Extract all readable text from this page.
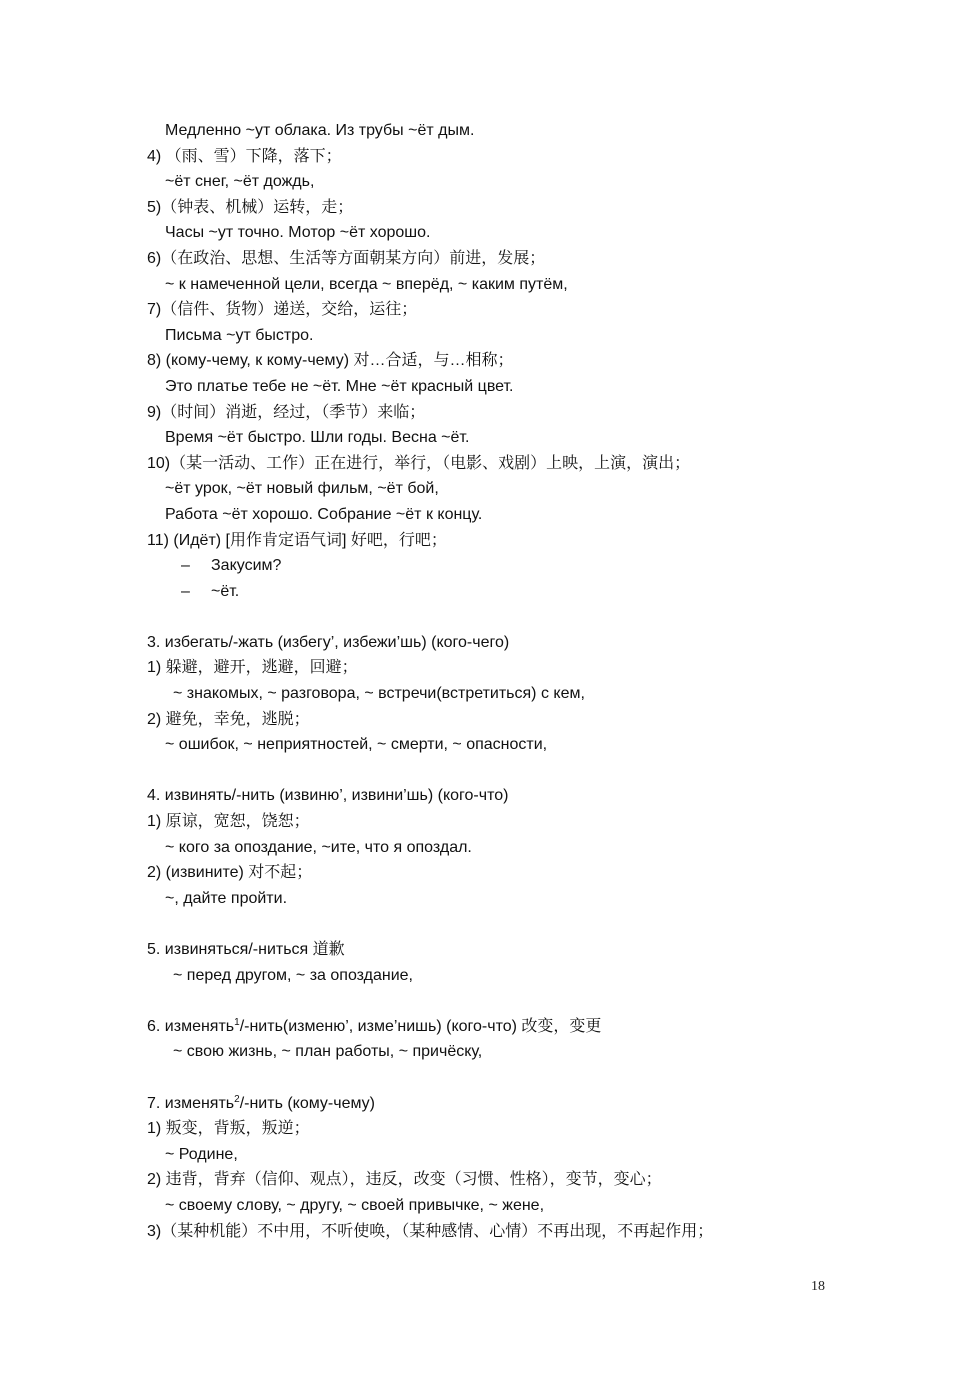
Медленно ~ут облака. Из трубы ~ёт дым.
4) （雨、雪）下降，落下；
~ёт снег, ~ёт дождь,
5)（钟表、机械）运转，走；
Часы ~ут точно. Мотор ~ёт хорошо.
6)（在政治、思想、生活等方面朝某方向）前进，发展；
~ к намеченной цели, всегда ~ вперёд, ~ каким путём,
7)（信件、货物）递送，交给，运往；
Письма ~ут быстро.
8) (кому-чему, к кому-чему) 对…合适，与…相称；
Это платье тебе не ~ёт. Мне ~ёт красный цвет.
9)（时间）消逝，经过，（季节）来临；
Время ~ёт быстро. Шли годы. Весна ~ёт.
10)（某一活动、工作）正在进行，举行，（电影、戏剧）上映，上演，演出；
~ёт урок, ~ёт новый фильм, ~ёт бой,
Работа ~ёт хорошо. Собрание ~ёт к концу.
11) (Идёт) [用作肯定语气词] 好吧，行吧；
– Закусим?
– ~ёт.
3. избегать/-жать (избегу’, избежи’шь) (кого-чего)
1) 躲避，避开，逃避，回避；
~ знакомых, ~ разговора, ~ встречи(встретиться) с кем,
2) 避免，幸免，逃脱；
~ ошибок, ~ неприятностей, ~ смерти, ~ опасности,
4. извинять/-нить (извиню’, извини’шь) (кого-что)
1) 原谅，宽恕，饶恕；
~ кого за опоздание, ~ите, что я опоздал.
2) (извините) 对不起；
~, дайте пройти.
5. извиняться/-ниться 道歉
~ перед другом, ~ за опоздание,
6. изменять$^1$/-нить(изменю’, изме’нишь) (кого-что) 改变，变更
~ свою жизнь, ~ план работы, ~ причёску,
7. изменять$^2$/-нить (кому-чему)
1) 叛变，背叛，叛逆；
~ Родине,
2) 违背，背弃（信仰、观点），违反，改变（习惯、性格），变节，变心；
~ своему слову, ~ другу, ~ своей привычке, ~ жене,
3)（某种机能）不中用，不听使唤，（某种感情、心情）不再出现，不再起作用；
18
